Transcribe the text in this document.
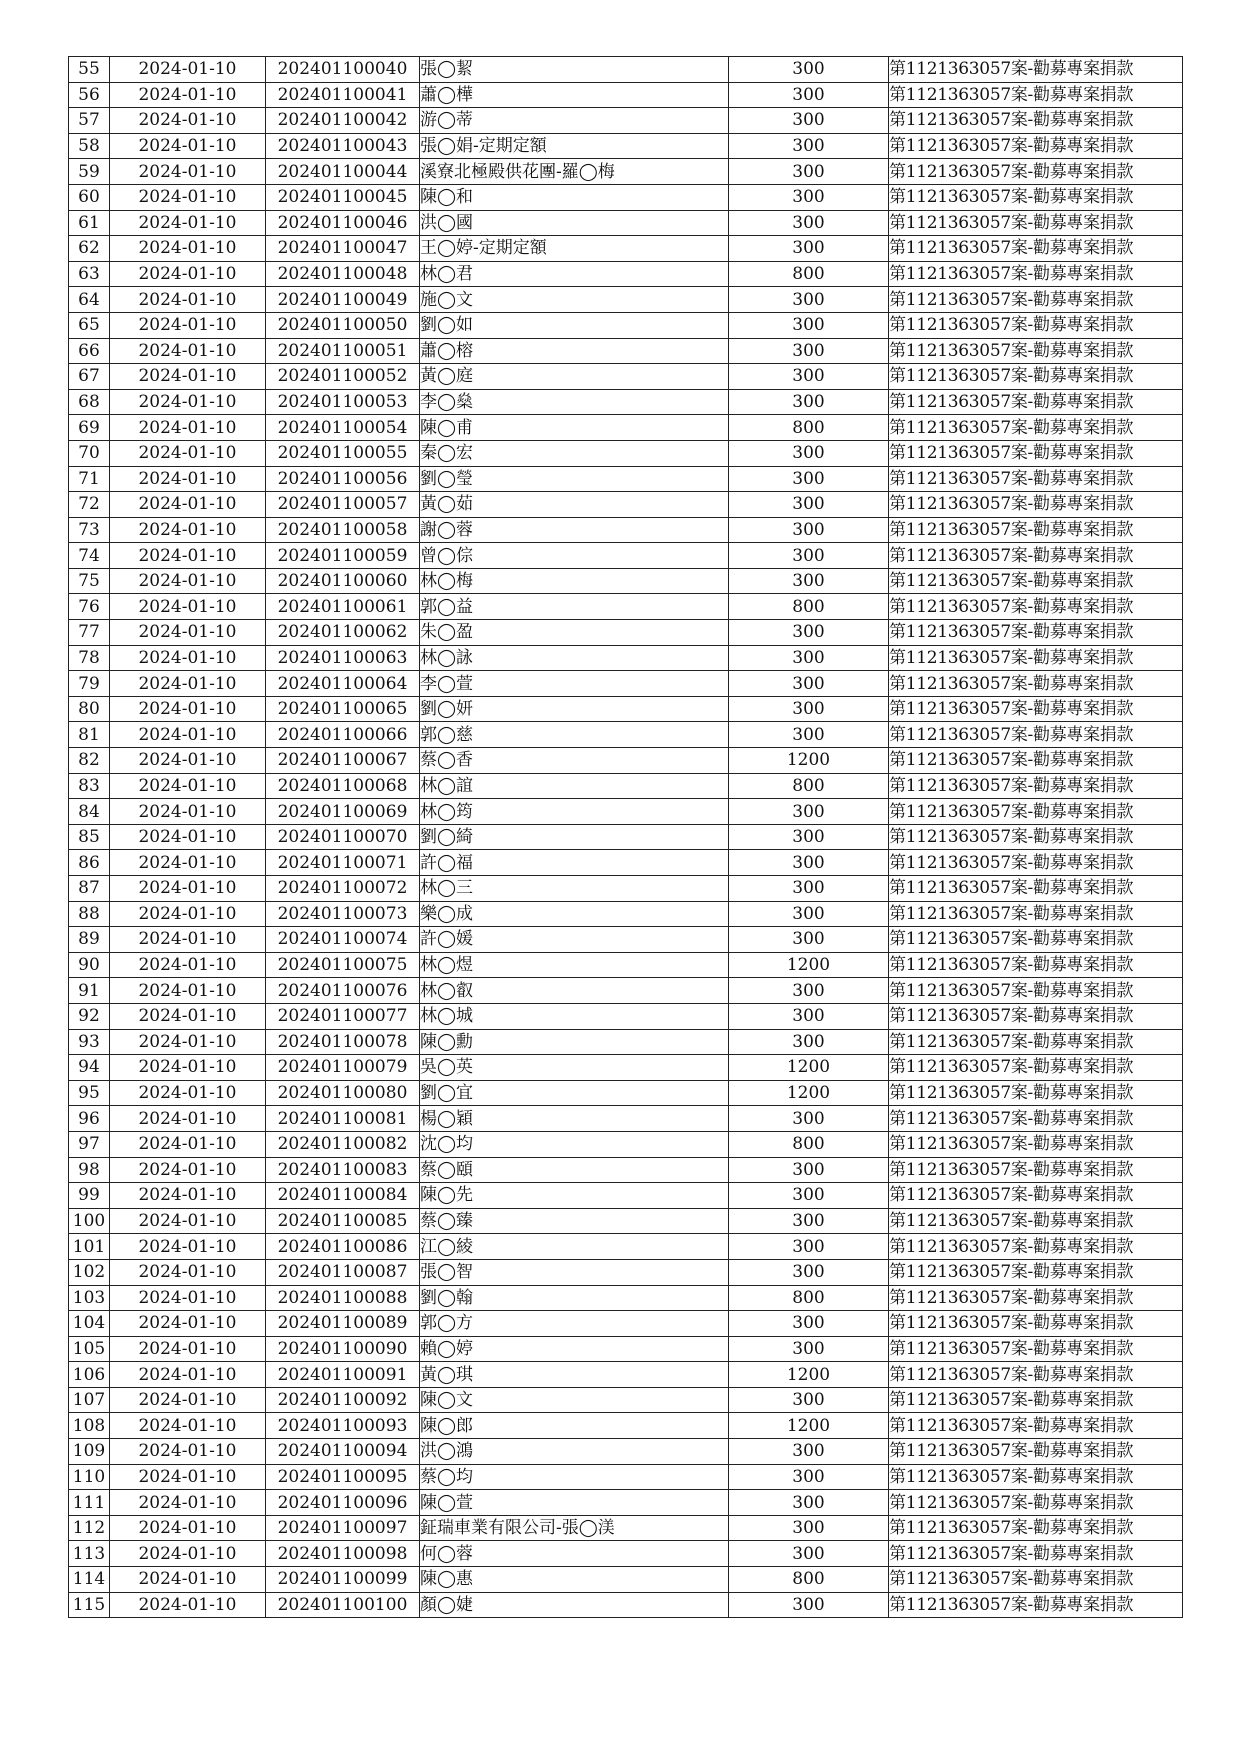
55	2024-01-10	202401100040	張◯絜	300	第1121363057案-勸募專案捐款
56	2024-01-10	202401100041	蕭◯樺	300	第1121363057案-勸募專案捐款
57	2024-01-10	202401100042	游◯蒂	300	第1121363057案-勸募專案捐款
58	2024-01-10	202401100043	張◯娟-定期定額	300	第1121363057案-勸募專案捐款
59	2024-01-10	202401100044	溪寮北極殿供花團-羅◯梅	300	第1121363057案-勸募專案捐款
60	2024-01-10	202401100045	陳◯和	300	第1121363057案-勸募專案捐款
61	2024-01-10	202401100046	洪◯國	300	第1121363057案-勸募專案捐款
62	2024-01-10	202401100047	王◯婷-定期定額	300	第1121363057案-勸募專案捐款
63	2024-01-10	202401100048	林◯君	800	第1121363057案-勸募專案捐款
64	2024-01-10	202401100049	施◯文	300	第1121363057案-勸募專案捐款
65	2024-01-10	202401100050	劉◯如	300	第1121363057案-勸募專案捐款
66	2024-01-10	202401100051	蕭◯榕	300	第1121363057案-勸募專案捐款
67	2024-01-10	202401100052	黃◯庭	300	第1121363057案-勸募專案捐款
68	2024-01-10	202401100053	李◯燊	300	第1121363057案-勸募專案捐款
69	2024-01-10	202401100054	陳◯甫	800	第1121363057案-勸募專案捐款
70	2024-01-10	202401100055	秦◯宏	300	第1121363057案-勸募專案捐款
71	2024-01-10	202401100056	劉◯瑩	300	第1121363057案-勸募專案捐款
72	2024-01-10	202401100057	黃◯茹	300	第1121363057案-勸募專案捐款
73	2024-01-10	202401100058	謝◯蓉	300	第1121363057案-勸募專案捐款
74	2024-01-10	202401100059	曾◯倧	300	第1121363057案-勸募專案捐款
75	2024-01-10	202401100060	林◯梅	300	第1121363057案-勸募專案捐款
76	2024-01-10	202401100061	郭◯益	800	第1121363057案-勸募專案捐款
77	2024-01-10	202401100062	朱◯盈	300	第1121363057案-勸募專案捐款
78	2024-01-10	202401100063	林◯詠	300	第1121363057案-勸募專案捐款
79	2024-01-10	202401100064	李◯萱	300	第1121363057案-勸募專案捐款
80	2024-01-10	202401100065	劉◯妍	300	第1121363057案-勸募專案捐款
81	2024-01-10	202401100066	郭◯慈	300	第1121363057案-勸募專案捐款
82	2024-01-10	202401100067	蔡◯香	1200	第1121363057案-勸募專案捐款
83	2024-01-10	202401100068	林◯誼	800	第1121363057案-勸募專案捐款
84	2024-01-10	202401100069	林◯筠	300	第1121363057案-勸募專案捐款
85	2024-01-10	202401100070	劉◯綺	300	第1121363057案-勸募專案捐款
86	2024-01-10	202401100071	許◯福	300	第1121363057案-勸募專案捐款
87	2024-01-10	202401100072	林◯三	300	第1121363057案-勸募專案捐款
88	2024-01-10	202401100073	樂◯成	300	第1121363057案-勸募專案捐款
89	2024-01-10	202401100074	許◯媛	300	第1121363057案-勸募專案捐款
90	2024-01-10	202401100075	林◯煜	1200	第1121363057案-勸募專案捐款
91	2024-01-10	202401100076	林◯叡	300	第1121363057案-勸募專案捐款
92	2024-01-10	202401100077	林◯城	300	第1121363057案-勸募專案捐款
93	2024-01-10	202401100078	陳◯勳	300	第1121363057案-勸募專案捐款
94	2024-01-10	202401100079	吳◯英	1200	第1121363057案-勸募專案捐款
95	2024-01-10	202401100080	劉◯宜	1200	第1121363057案-勸募專案捐款
96	2024-01-10	202401100081	楊◯穎	300	第1121363057案-勸募專案捐款
97	2024-01-10	202401100082	沈◯均	800	第1121363057案-勸募專案捐款
98	2024-01-10	202401100083	蔡◯頤	300	第1121363057案-勸募專案捐款
99	2024-01-10	202401100084	陳◯先	300	第1121363057案-勸募專案捐款
100	2024-01-10	202401100085	蔡◯臻	300	第1121363057案-勸募專案捐款
101	2024-01-10	202401100086	江◯綾	300	第1121363057案-勸募專案捐款
102	2024-01-10	202401100087	張◯智	300	第1121363057案-勸募專案捐款
103	2024-01-10	202401100088	劉◯翰	800	第1121363057案-勸募專案捐款
104	2024-01-10	202401100089	郭◯方	300	第1121363057案-勸募專案捐款
105	2024-01-10	202401100090	賴◯婷	300	第1121363057案-勸募專案捐款
106	2024-01-10	202401100091	黃◯琪	1200	第1121363057案-勸募專案捐款
107	2024-01-10	202401100092	陳◯文	300	第1121363057案-勸募專案捐款
108	2024-01-10	202401100093	陳◯郎	1200	第1121363057案-勸募專案捐款
109	2024-01-10	202401100094	洪◯鴻	300	第1121363057案-勸募專案捐款
110	2024-01-10	202401100095	蔡◯均	300	第1121363057案-勸募專案捐款
111	2024-01-10	202401100096	陳◯萱	300	第1121363057案-勸募專案捐款
112	2024-01-10	202401100097	鉦瑞車業有限公司-張◯渼	300	第1121363057案-勸募專案捐款
113	2024-01-10	202401100098	何◯蓉	300	第1121363057案-勸募專案捐款
114	2024-01-10	202401100099	陳◯惠	800	第1121363057案-勸募專案捐款
115	2024-01-10	202401100100	顏◯婕	300	第1121363057案-勸募專案捐款
